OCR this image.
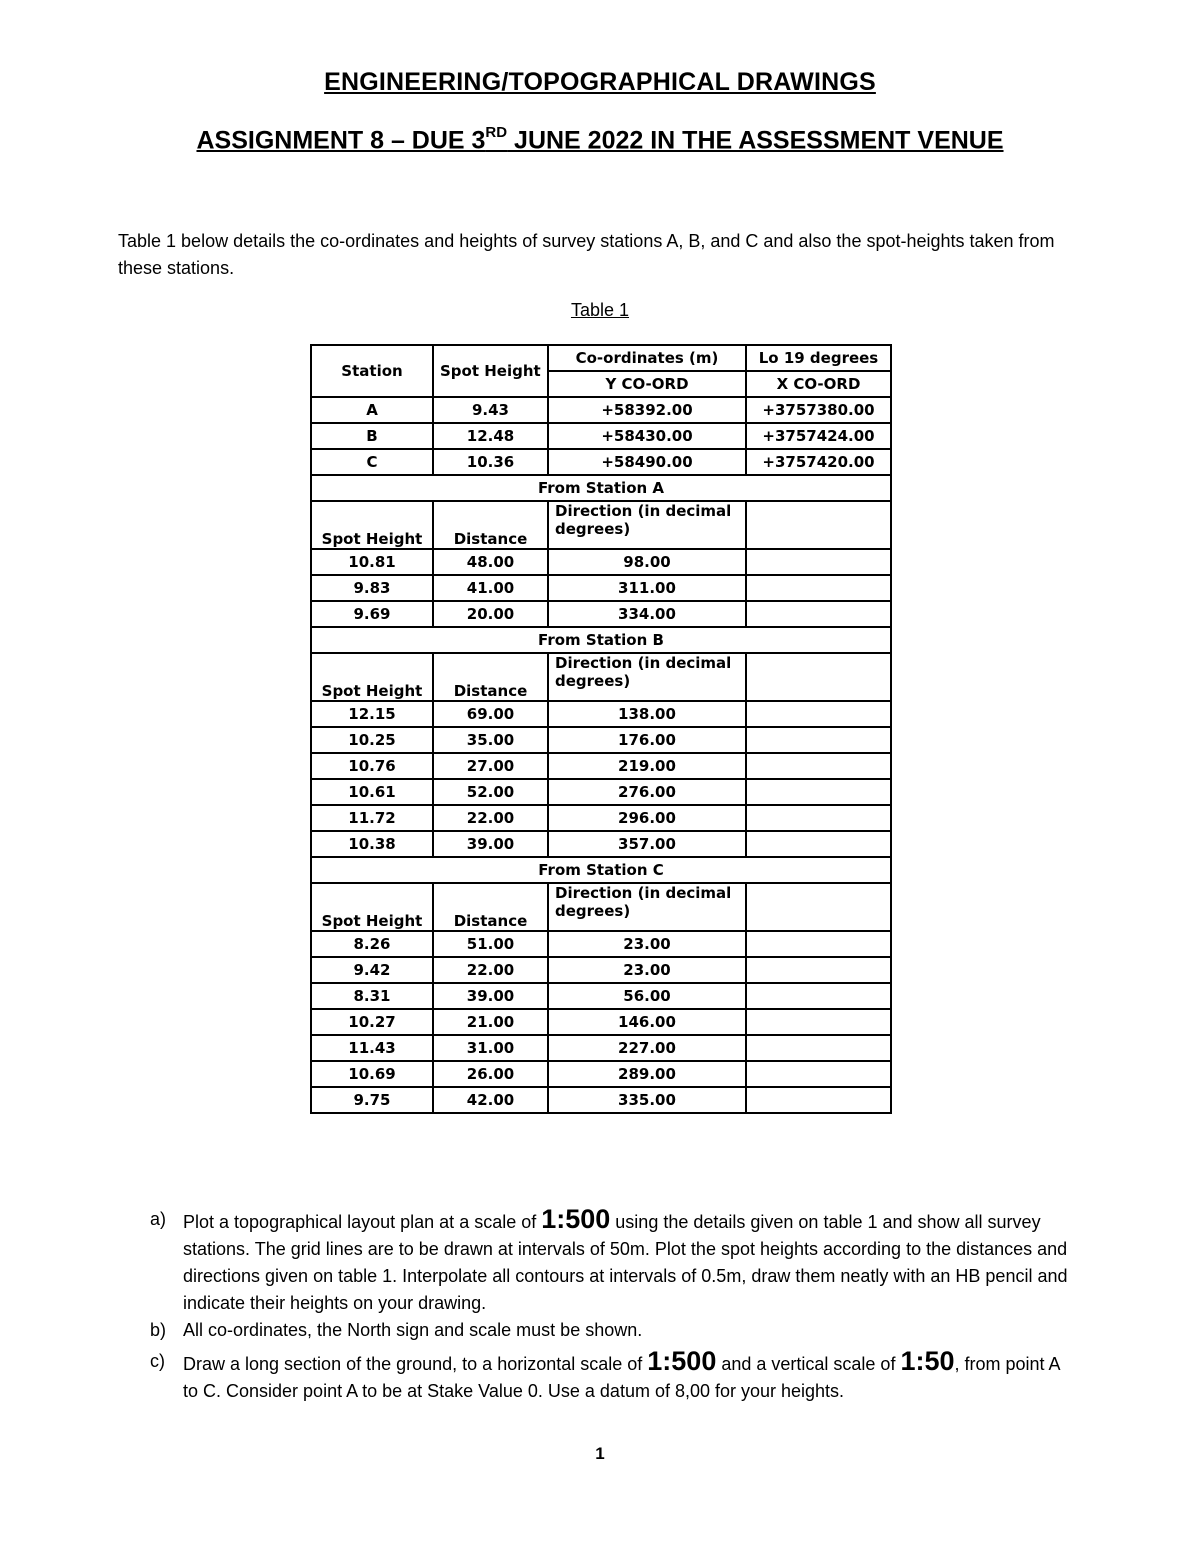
ENGINEERING/TOPOGRAPHICAL DRAWINGS
ASSIGNMENT 8 – DUE 3RD JUNE 2022 IN THE ASSESSMENT VENUE
Table 1 below details the co-ordinates and heights of survey stations A, B, and C and also the spot-heights taken from these stations.
Table 1
Station	Spot Height	Co-ordinates (m)	Lo 19 degrees
		Y CO-ORD	X CO-ORD
A	9.43	+58392.00	+3757380.00
B	12.48	+58430.00	+3757424.00
C	10.36	+58490.00	+3757420.00
From Station A			
Spot Height	Distance	Direction (in decimal degrees)	
10.81	48.00	98.00	
9.83	41.00	311.00	
9.69	20.00	334.00	
From Station B			
Spot Height	Distance	Direction (in decimal degrees)	
12.15	69.00	138.00	
10.25	35.00	176.00	
10.76	27.00	219.00	
10.61	52.00	276.00	
11.72	22.00	296.00	
10.38	39.00	357.00	
From Station C			
Spot Height	Distance	Direction (in decimal degrees)	
8.26	51.00	23.00	
9.42	22.00	23.00	
8.31	39.00	56.00	
10.27	21.00	146.00	
11.43	31.00	227.00	
10.69	26.00	289.00	
9.75	42.00	335.00	
a) Plot a topographical layout plan at a scale of 1:500 using the details given on table 1 and show all survey stations. The grid lines are to be drawn at intervals of 50m. Plot the spot heights according to the distances and directions given on table 1. Interpolate all contours at intervals of 0.5m, draw them neatly with an HB pencil and indicate their heights on your drawing.
b) All co-ordinates, the North sign and scale must be shown.
c)	Draw a long section of the ground, to a horizontal scale of 1:500 and a vertical scale of 1:50, from point A to C. Consider point A to be at Stake Value 0. Use a datum of 8,00 for your heights.
1
